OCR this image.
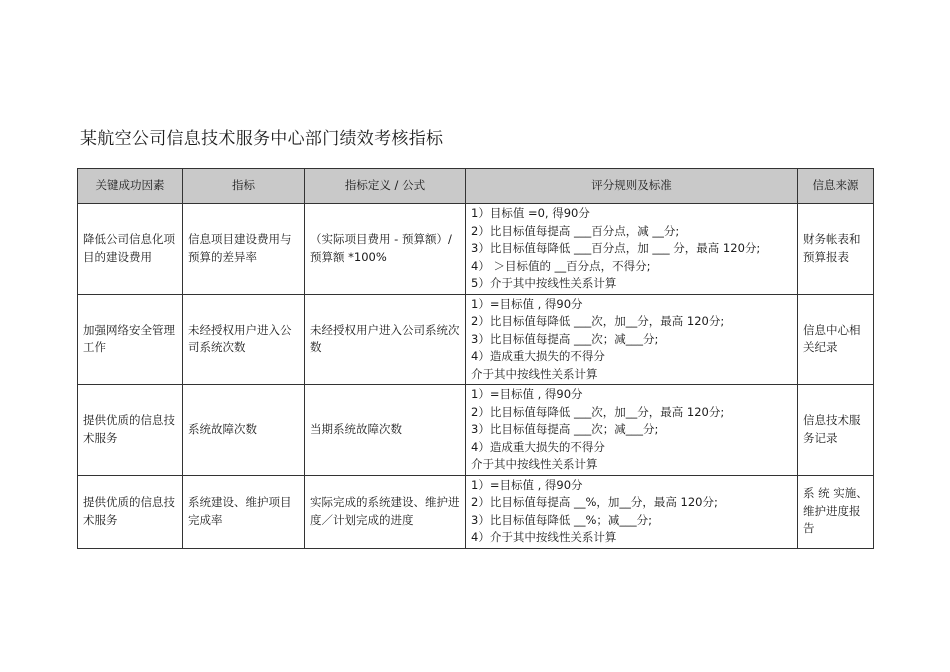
某航空公司信息技术服务中心部门绩效考核指标
关键成功因素	指标	指标定义 / 公式	评分规则及标准	信息来源
降低公司信息化项目的建设费用	信息项目建设费用与预算的差异率	（实际项目费用 - 预算额）/ 预算额 *100%	1）目标值 =0, 得90分
2）比目标值每提高 ___百分点，减 __分;
3）比目标值每降低 ___百分点，加 ___ 分，最高 120分;
4） ＞目标值的 __百分点，不得分;
5）介于其中按线性关系计算	财务帐表和预算报表
加强网络安全管理工作	未经授权用户进入公司系统次数	未经授权用户进入公司系统次数	1）=目标值 , 得90分
2）比目标值每降低 ___次，加__分，最高 120分;
3）比目标值每提高 ___次；减___分;
4）造成重大损失的不得分
介于其中按线性关系计算	信息中心相关纪录
提供优质的信息技术服务	系统故障次数	当期系统故障次数	1）=目标值 , 得90分
2）比目标值每降低 ___次，加__分，最高 120分;
3）比目标值每提高 ___次；减___分;
4）造成重大损失的不得分
介于其中按线性关系计算	信息技术服务记录
提供优质的信息技术服务	系统建设、维护项目完成率	实际完成的系统建设、维护进度／计划完成的进度	1）=目标值 , 得90分
2）比目标值每提高 __%，加__分，最高 120分;
3）比目标值每降低 __%；减___分;
4）介于其中按线性关系计算	系 统 实施、维护进度报告
